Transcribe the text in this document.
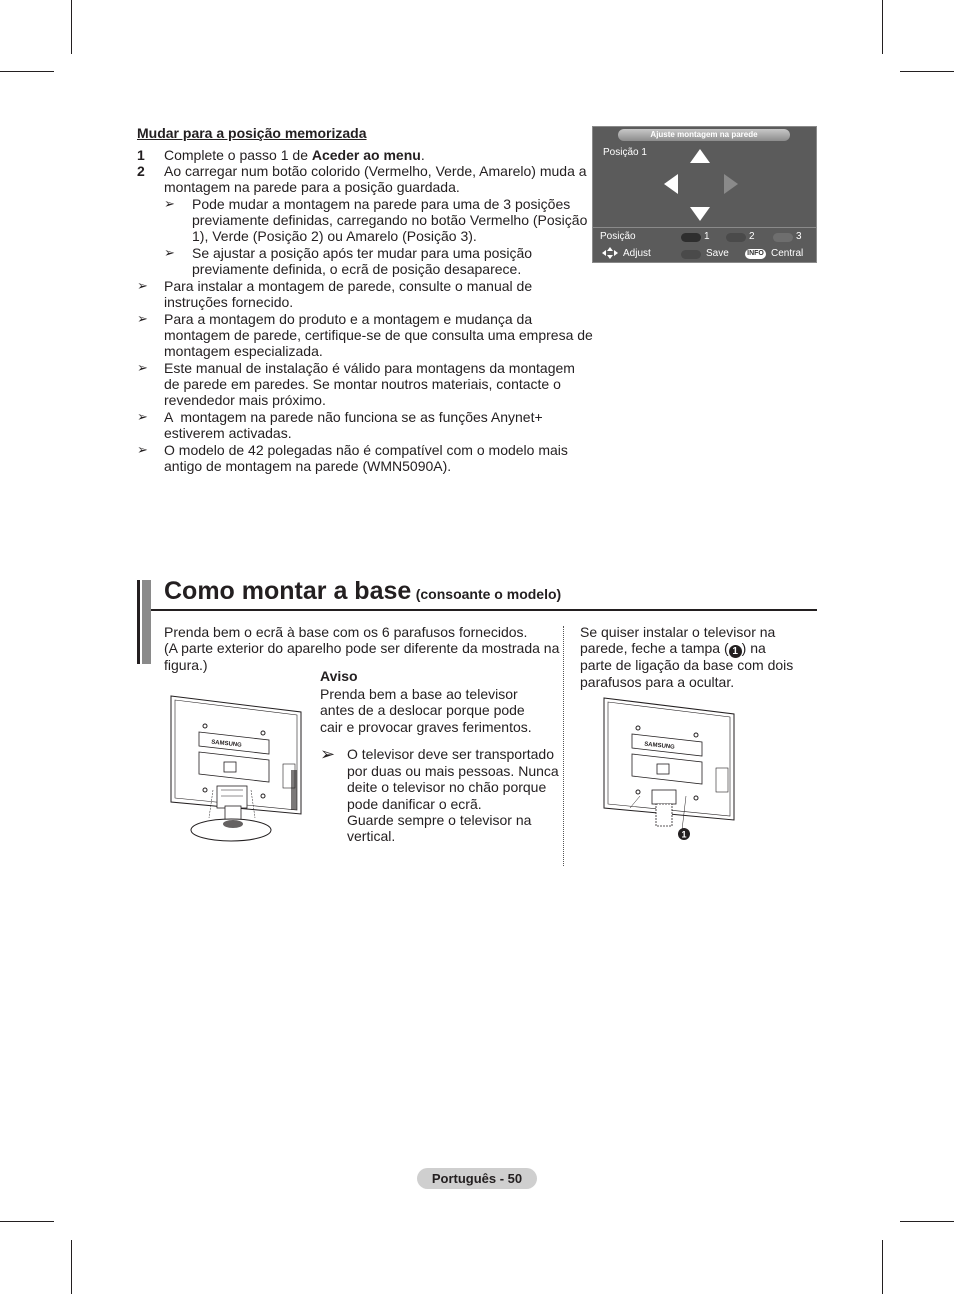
Mudar para a posição memorizada
1 Complete o passo 1 de Aceder ao menu.
2 Ao carregar num botão colorido (Vermelho, Verde, Amarelo) muda a
montagem na parede para a posição guardada.
➢ Pode mudar a montagem na parede para uma de 3 posições
previamente definidas, carregando no botão Vermelho (Posição
1), Verde (Posição 2) ou Amarelo (Posição 3).
➢ Se ajustar a posição após ter mudar para uma posição
previamente definida, o ecrã de posição desaparece.
➢ Para instalar a montagem de parede, consulte o manual de
instruções fornecido.
➢ Para a montagem do produto e a montagem e mudança da
montagem de parede, certifique-se de que consulta uma empresa de
montagem especializada.
➢ Este manual de instalação é válido para montagens da montagem
de parede em paredes. Se montar noutros materiais, contacte o
revendedor mais próximo.
➢ A  montagem na parede não funciona se as funções Anynet+
estiverem activadas.
➢ O modelo de 42 polegadas não é compatível com o modelo mais
antigo de montagem na parede (WMN5090A).
Ajuste montagem na parede
Posição 1
Posição	1	2	3
Adjust	Save	INFO Central
Como montar a base (consoante o modelo)
Prenda bem o ecrã à base com os 6 parafusos fornecidos.
(A parte exterior do aparelho pode ser diferente da mostrada na
figura.)
Aviso
Prenda bem a base ao televisor
antes de a deslocar porque pode
cair e provocar graves ferimentos.
➢ O televisor deve ser transportado
por duas ou mais pessoas. Nunca
deite o televisor no chão porque
pode danificar o ecrã.
Guarde sempre o televisor na
vertical.
Se quiser instalar o televisor na
parede, feche a tampa ( 1 ) na
parte de ligação da base com dois
parafusos para a ocultar.
SAMSUNG	SAMSUNG
1
Português - 50
